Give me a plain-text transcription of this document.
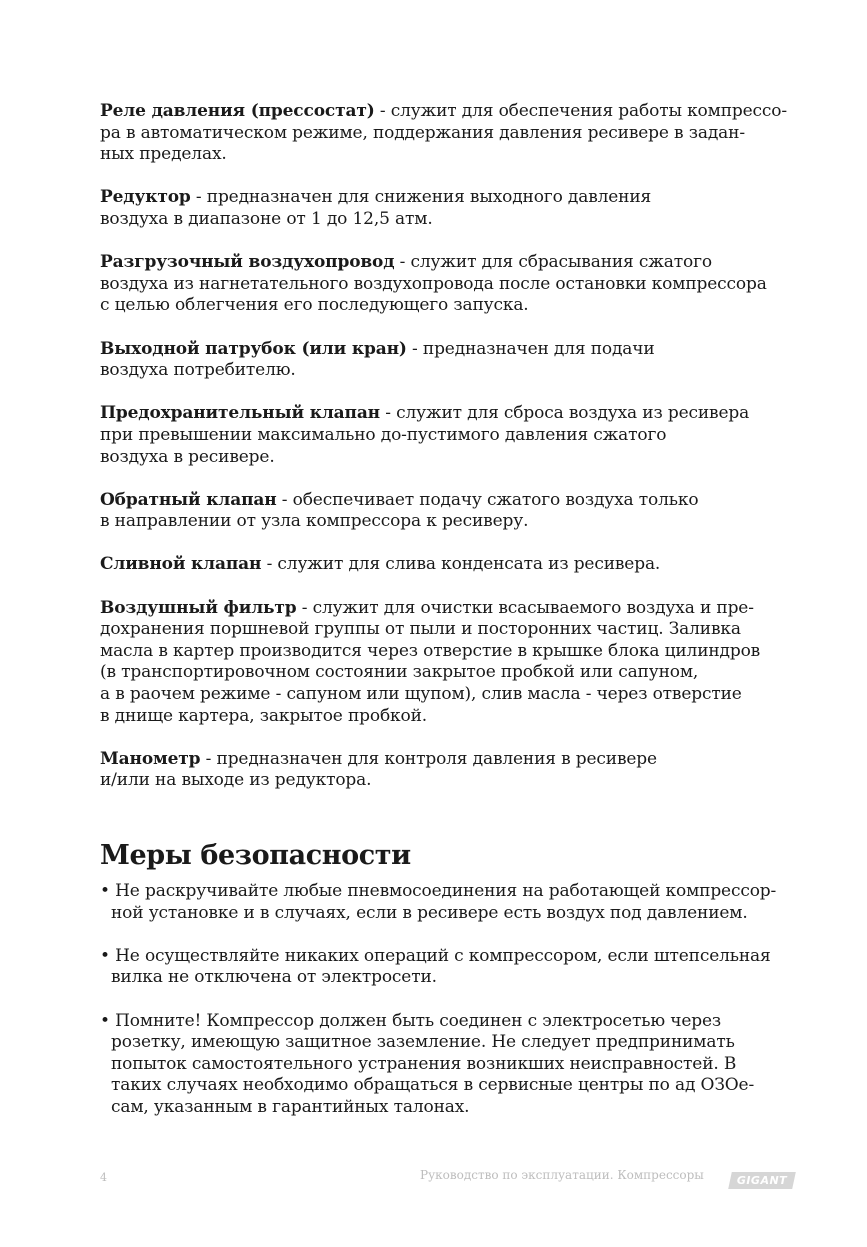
Реле давления (прессостат) - служит для обеспечения работы компрессо-
ра в автоматическом режиме, поддержания давления ресивере в задан-
ных пределах.

Редуктор - предназначен для снижения выходного давления
воздуха в диапазоне от 1 до 12,5 атм.

Разгрузочный воздухопровод - служит для сбрасывания сжатого
воздуха из нагнетательного воздухопровода после остановки компрессора
с целью облегчения его последующего запуска.

Выходной патрубок (или кран) - предназначен для подачи
воздуха потребителю.

Предохранительный клапан - служит для сброса воздуха из ресивера
при превышении максимально до-пустимого давления сжатого
воздуха в ресивере.

Обратный клапан - обеспечивает подачу сжатого воздуха только
в направлении от узла компрессора к ресиверу.

Сливной клапан - служит для слива конденсата из ресивера.

Воздушный фильтр - служит для очистки всасываемого воздуха и пре-
дохранения поршневой группы от пыли и посторонних частиц. Заливка
масла в картер производится через отверстие в крышке блока цилиндров
(в транспортировочном состоянии закрытое пробкой или сапуном,
а в раочем режиме - сапуном или щупом), слив масла - через отверстие
в днище картера, закрытое пробкой.

Манометр - предназначен для контроля давления в ресивере
и/или на выходе из редуктора.

Меры безопасности

• Не раскручивайте любые пневмосоединения на работающей компрессор-
ной установке и в случаях, если в ресивере есть воздух под давлением.

• Не осуществляйте никаких операций с компрессором, если штепсельная
вилка не отключена от электросети.

• Помните! Компрессор должен быть соединен с электросетью через
розетку, имеющую защитное заземление. Не следует предпринимать
попыток самостоятельного устранения возникших неисправностей. В
таких случаях необходимо обращаться в сервисные центры по ад ОЗОе-
сам, указанным в гарантийных талонах.

4	Руководство по эксплуатации. Компрессоры	GIGANT
